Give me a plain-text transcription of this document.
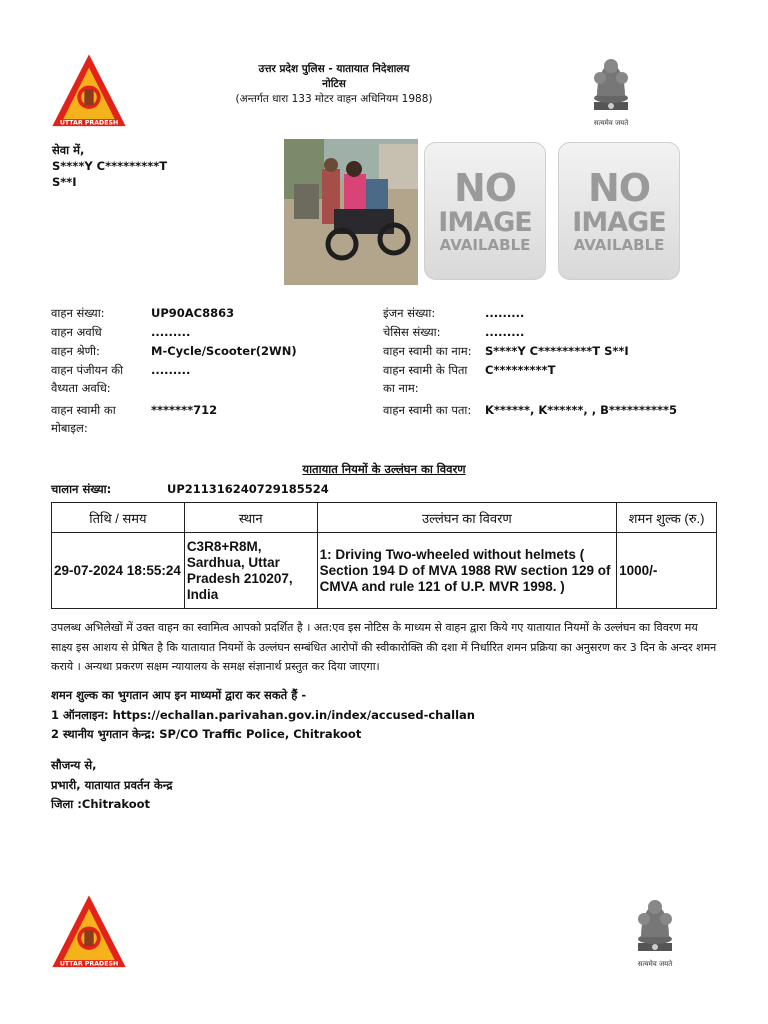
UTTAR PRADESH	सत्यमेव जयते
उत्तर प्रदेश पुलिस - यातायात निदेशालय
नोटिस
(अन्तर्गत धारा 133 मोटर वाहन अधिनियम 1988)
सेवा में,
S****Y C*********T
S**I	NO
IMAGE
AVAILABLE
NO
IMAGE
AVAILABLE
वाहन संख्या:	UP90AC8863
वाहन अवधि	.........
वाहन श्रेणी:	M-Cycle/Scooter(2WN)
वाहन पंजीयन की
वैध्यता अवधि:
.........
वाहन स्वामी का
मोबाइल:
*******712
इंजन संख्या:	.........
चेसिस संख्या:	.........
वाहन स्वामी का नाम: S****Y C*********T S**I
वाहन स्वामी के पिता
का नाम:
C*********T
वाहन स्वामी का पता: K******, K******, , B**********5
यातायात नियमों के उल्लंघन का विवरण
चालान संख्या:	UP211316240729185524
तिथि / समय	स्थान	उल्लंघन का विवरण	शमन शुल्क (रु.)
29-07-2024 18:55:24	C3R8+R8M, Sardhua, Uttar Pradesh 210207, India	1: Driving Two-wheeled without helmets ( Section 194 D of MVA 1988 RW section 129 of CMVA and rule 121 of U.P. MVR 1998. )	1000/-
उपलब्ध अभिलेखों में उक्त वाहन का स्वामित्व आपको प्रदर्शित है । अत:एव इस नोटिस के माध्यम से वाहन द्वारा किये गए यातायात नियमों के उल्लंघन का विवरण मय साक्ष्य इस आशय से प्रेषित है कि यातायात नियमों के उल्लंघन सम्बंधित आरोपों की स्वीकारोक्ति की दशा में निर्धारित शमन प्रक्रिया का अनुसरण कर 3 दिन के अन्दर शमन कराये । अन्यथा प्रकरण सक्षम न्यायालय के समक्ष संज्ञानार्थ प्रस्तुत कर दिया जाएगा।
शमन शुल्क का भुगतान आप इन माध्यमों द्वारा कर सकते हैं -
1 ऑनलाइन: https://echallan.parivahan.gov.in/index/accused-challan
2 स्थानीय भुगतान केन्द्र: SP/CO Traffic Police, Chitrakoot
सौजन्य से,
प्रभारी, यातायात प्रवर्तन केन्द्र
जिला :Chitrakoot
UTTAR PRADESH	सत्यमेव जयते
